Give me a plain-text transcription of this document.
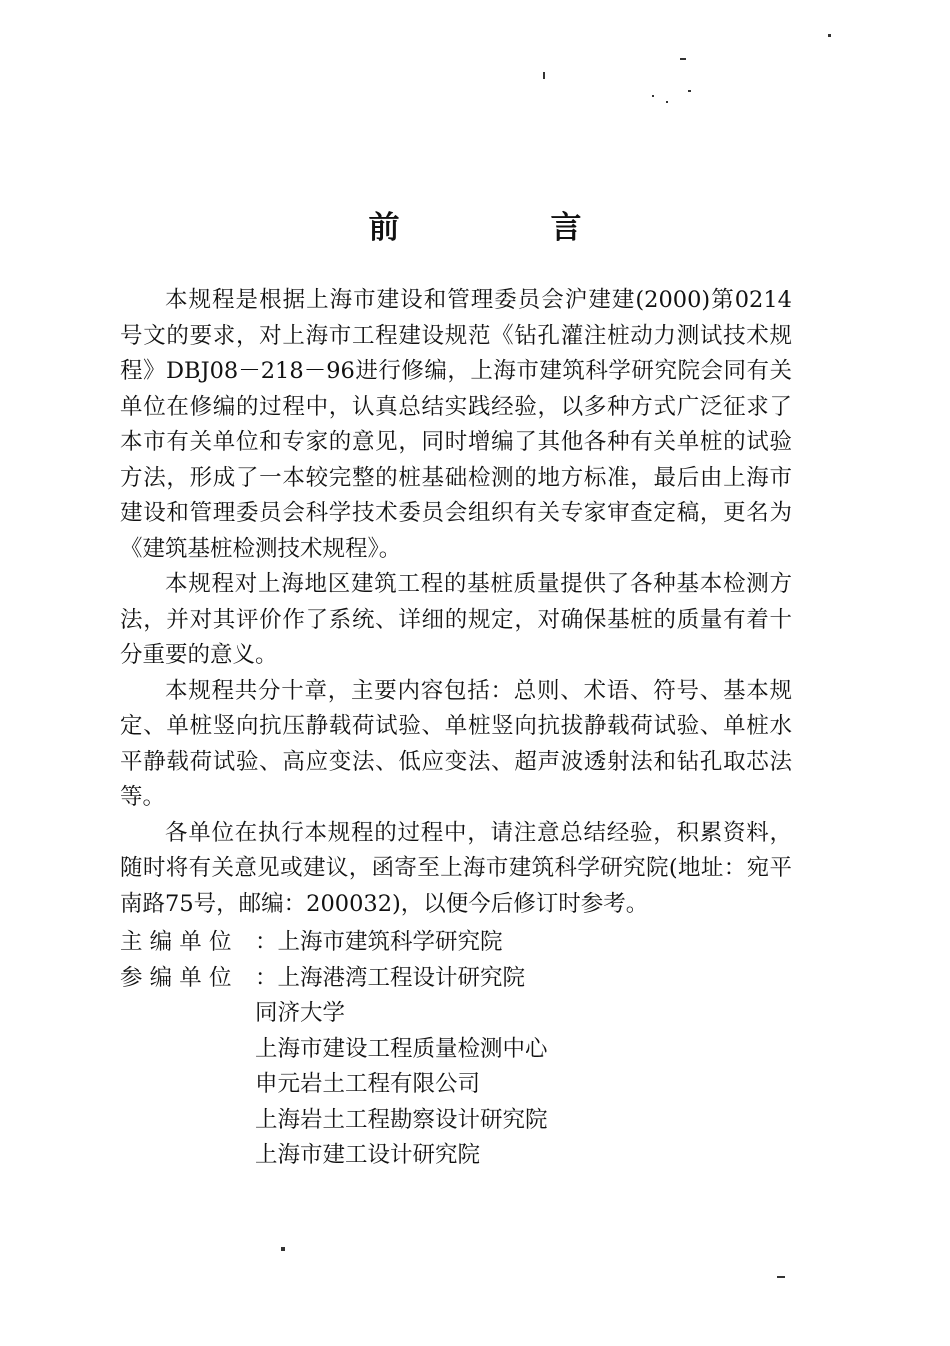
前　言

本规程是根据上海市建设和管理委员会沪建建(2000)第0214号文的要求，对上海市工程建设规范《钻孔灌注桩动力测试技术规程》DBJ08－218－96进行修编，上海市建筑科学研究院会同有关单位在修编的过程中，认真总结实践经验，以多种方式广泛征求了本市有关单位和专家的意见，同时增编了其他各种有关单桩的试验方法，形成了一本较完整的桩基础检测的地方标准，最后由上海市建设和管理委员会科学技术委员会组织有关专家审查定稿，更名为《建筑基桩检测技术规程》。

本规程对上海地区建筑工程的基桩质量提供了各种基本检测方法，并对其评价作了系统、详细的规定，对确保基桩的质量有着十分重要的意义。

本规程共分十章，主要内容包括：总则、术语、符号、基本规定、单桩竖向抗压静载荷试验、单桩竖向抗拔静载荷试验、单桩水平静载荷试验、高应变法、低应变法、超声波透射法和钻孔取芯法等。

各单位在执行本规程的过程中，请注意总结经验，积累资料，随时将有关意见或建议，函寄至上海市建筑科学研究院(地址：宛平南路75号，邮编：200032)，以便今后修订时参考。

主 编 单 位	： 上海市建筑科学研究院
参 编 单 位	： 上海港湾工程设计研究院
同济大学
上海市建设工程质量检测中心
申元岩土工程有限公司
上海岩土工程勘察设计研究院
上海市建工设计研究院
